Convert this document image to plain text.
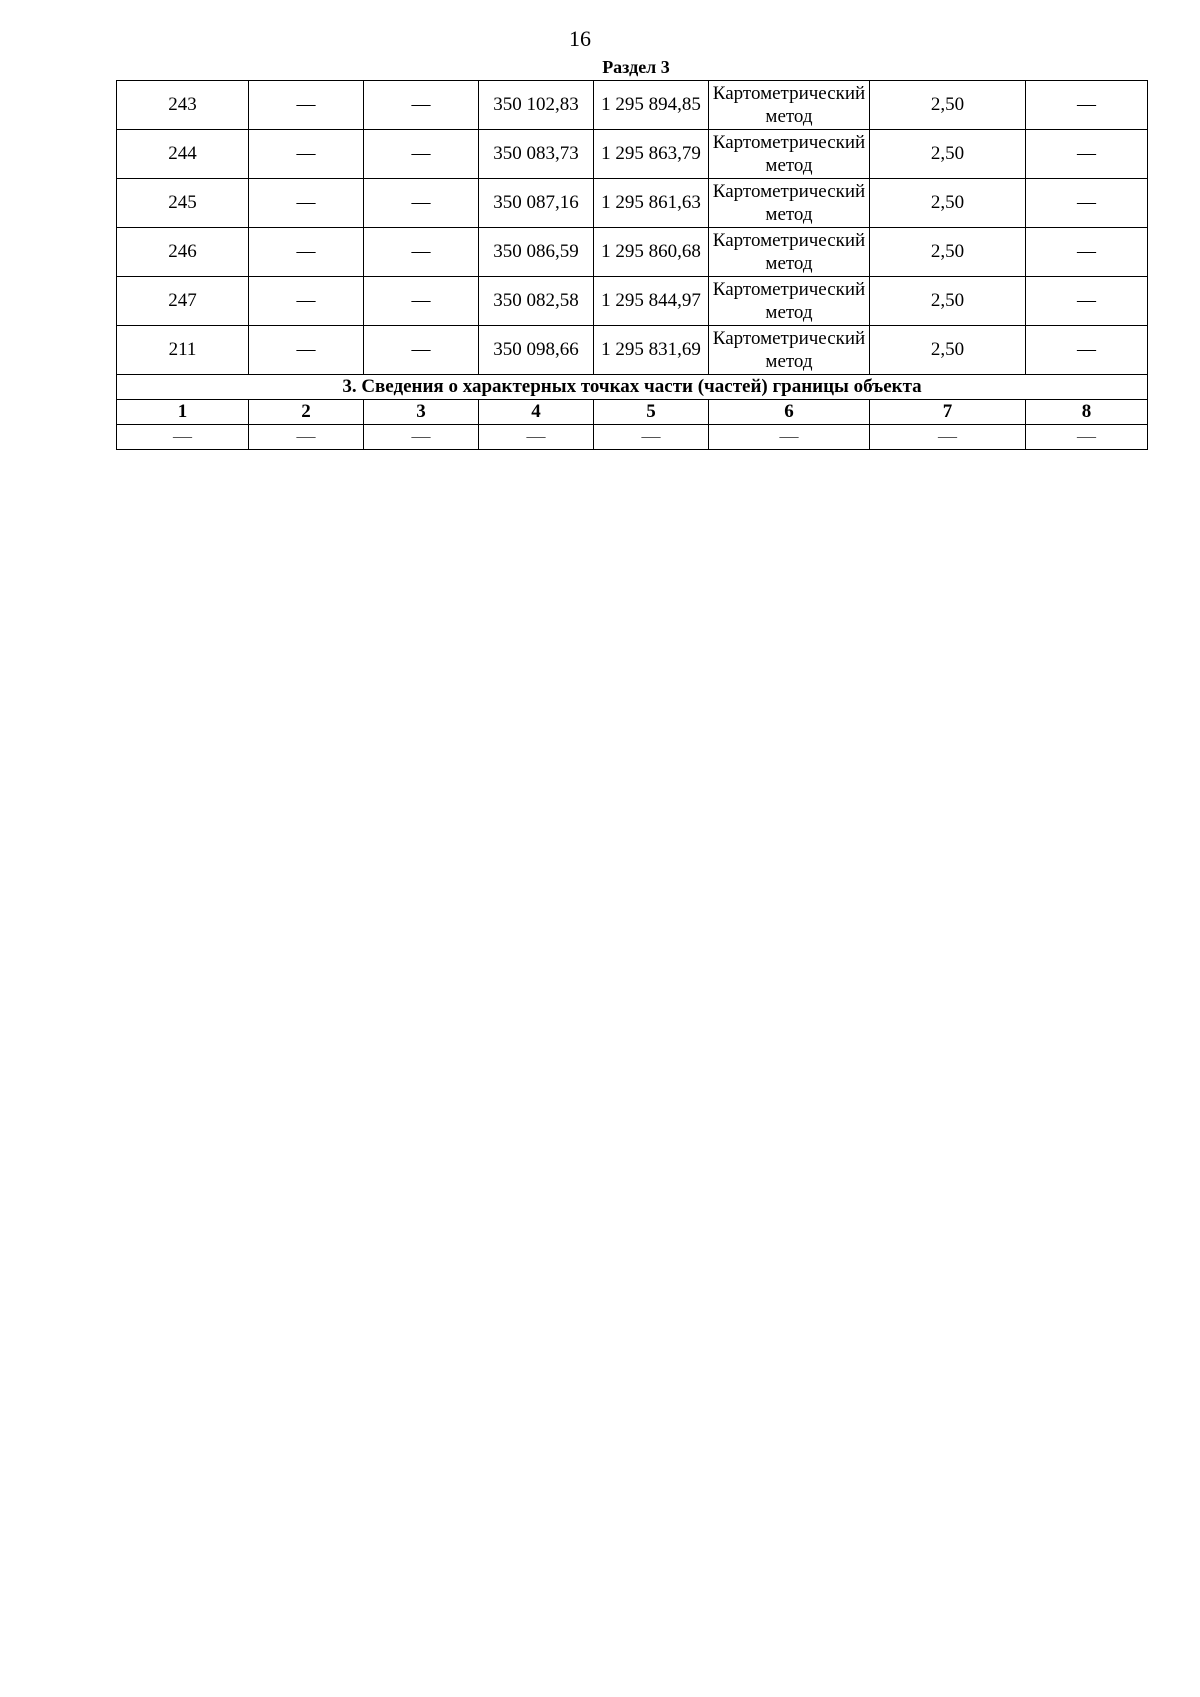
16
Раздел 3
243	—	—	350 102,83	1 295 894,85	Картометрический метод	2,50	—
244	—	—	350 083,73	1 295 863,79	Картометрический метод	2,50	—
245	—	—	350 087,16	1 295 861,63	Картометрический метод	2,50	—
246	—	—	350 086,59	1 295 860,68	Картометрический метод	2,50	—
247	—	—	350 082,58	1 295 844,97	Картометрический метод	2,50	—
211	—	—	350 098,66	1 295 831,69	Картометрический метод	2,50	—
3. Сведения о характерных точках части (частей) границы объекта							
1	2	3	4	5	6	7	8
—	—	—	—	—	—	—	—
